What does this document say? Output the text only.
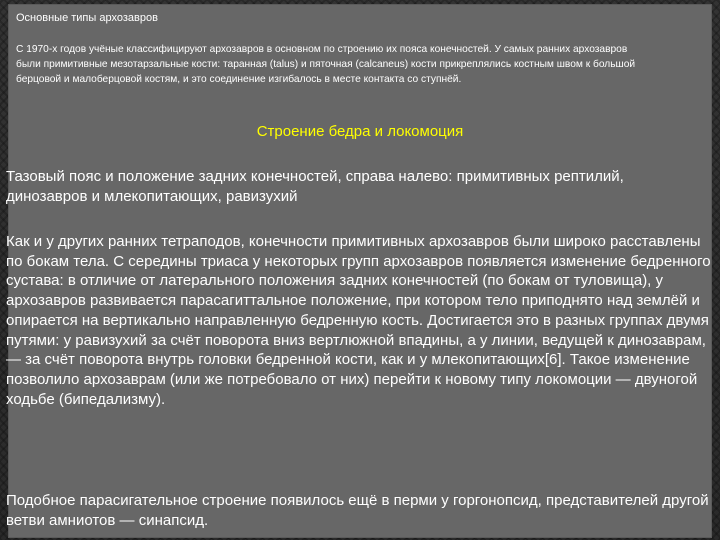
Основные типы архозавров
С 1970-х годов учёные классифицируют архозавров в основном по строению их пояса конечностей. У самых ранних архозавров были примитивные мезотарзальные кости: таранная (talus) и пяточная (calcaneus) кости прикреплялись костным швом к большой берцовой и малоберцовой костям, и это соединение изгибалось в месте контакта со ступнёй.
Строение бедра и локомоция
Тазовый пояс и положение задних конечностей, справа налево: примитивных рептилий, динозавров и млекопитающих, равизухий
Как и у других ранних тетраподов, конечности примитивных архозавров были широко расставлены по бокам тела. С середины триаса у некоторых групп архозавров появляется изменение бедренного сустава: в отличие от латерального положения задних конечностей (по бокам от туловища), у архозавров развивается парасагиттальное положение, при котором тело приподнято над землёй и опирается на вертикально направленную бедренную кость. Достигается это в разных группах двумя путями: у равизухий за счёт поворота вниз вертлюжной впадины, а у линии, ведущей к динозаврам, — за счёт поворота внутрь головки бедренной кости, как и у млекопитающих[6]. Такое изменение позволило архозаврам (или же потребовало от них) перейти к новому типу локомоции — двуногой ходьбе (бипедализму).
Подобное парасигательное строение появилось ещё в перми у горгонопсид, представителей другой ветви амниотов — синапсид.
